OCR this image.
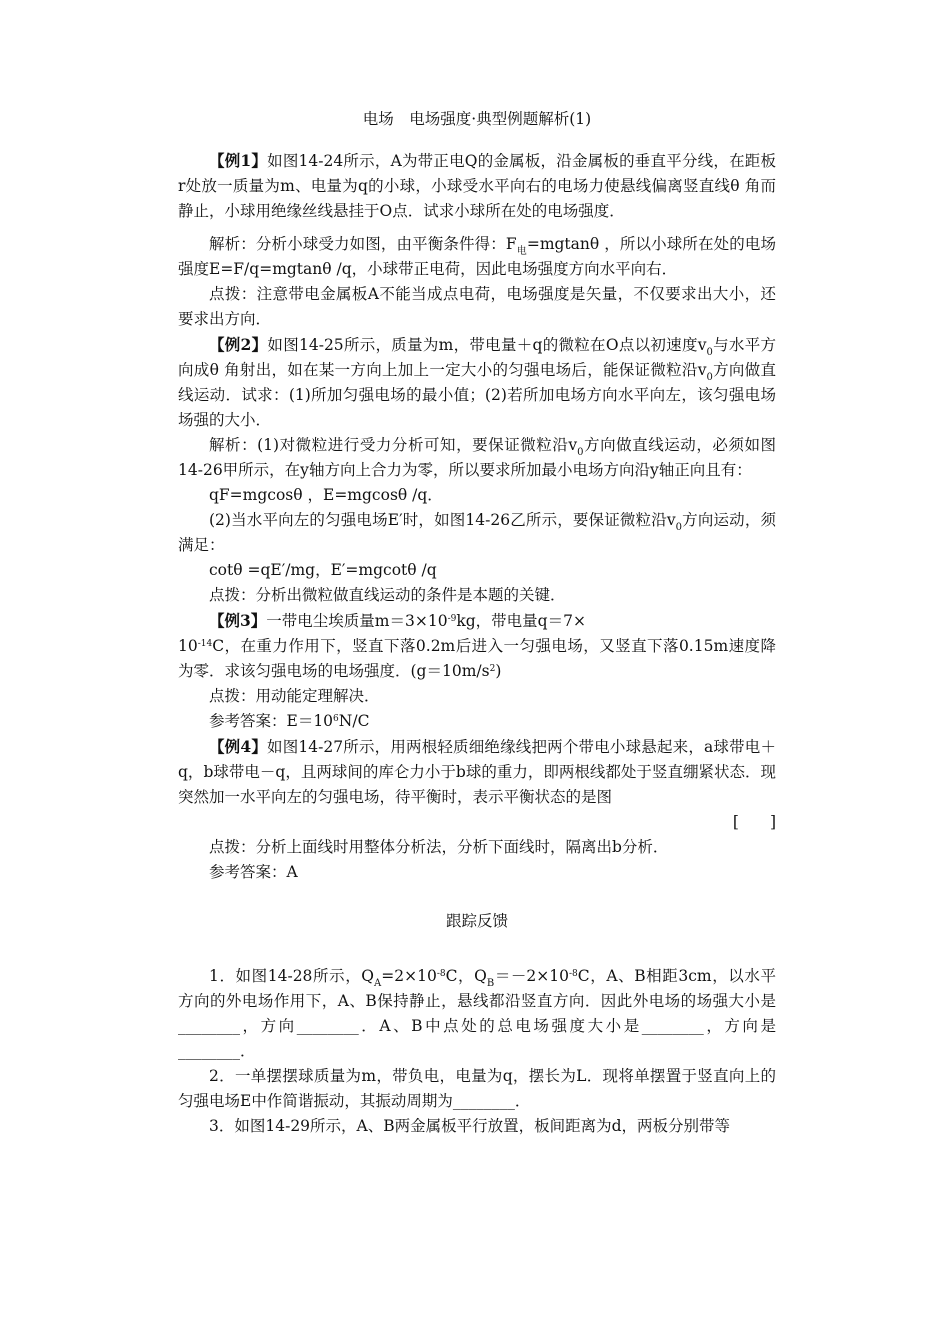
电场　电场强度·典型例题解析(1)

【例1】如图14-24所示，A为带正电Q的金属板，沿金属板的垂直平分线，在距板r处放一质量为m、电量为q的小球，小球受水平向右的电场力使悬线偏离竖直线θ 角而静止，小球用绝缘丝线悬挂于O点．试求小球所在处的电场强度．

解析：分析小球受力如图，由平衡条件得：$F_电=mgtan\theta$ ，所以小球所在处的电场强度E=F/q=mgtanθ /q，小球带正电荷，因此电场强度方向水平向右．

点拨：注意带电金属板A不能当成点电荷，电场强度是矢量，不仅要求出大小，还要求出方向．

【例2】如图14-25所示，质量为m，带电量＋q的微粒在O点以初速度$v_0$与水平方向成θ 角射出，如在某一方向上加上一定大小的匀强电场后，能保证微粒沿$v_0$方向做直线运动．试求：(1)所加匀强电场的最小值；(2)若所加电场方向水平向左，该匀强电场场强的大小．

解析：(1)对微粒进行受力分析可知，要保证微粒沿$v_0$方向做直线运动，必须如图14-26甲所示，在y轴方向上合力为零，所以要求所加最小电场方向沿y轴正向且有：

qF=mgcosθ ，E=mgcosθ /q．

(2)当水平向左的匀强电场E′时，如图14-26乙所示，要保证微粒沿$v_0$方向运动，须满足：

cotθ =qE′/mg，E′=mgcotθ /q

点拨：分析出微粒做直线运动的条件是本题的关键．

【例3】一带电尘埃质量$m=3\times 10^{-9}kg$，带电量q＝7×

$10^{-14}C$，在重力作用下，竖直下落0.2m后进入一匀强电场，又竖直下落0.15m速度降为零．求该匀强电场的电场强度．$(g=10m/s^2)$

点拨：用动能定理解决．

参考答案：$E=10^6N/C$

【例4】如图14-27所示，用两根轻质细绝缘线把两个带电小球悬起来，a球带电＋q，b球带电－q，且两球间的库仑力小于b球的重力，即两根线都处于竖直绷紧状态．现突然加一水平向左的匀强电场，待平衡时，表示平衡状态的是图

[　　]

点拨：分析上面线时用整体分析法，分析下面线时，隔离出b分析．

参考答案：A

跟踪反馈

1．如图14-28所示，$Q_A=2\times 10^{-8}C$，$Q_B=-2\times 10^{-8}C$，A、B相距3cm，以水平方向的外电场作用下，A、B保持静止，悬线都沿竖直方向．因此外电场的场强大小是________，方向________．A、B中点处的总电场强度大小是________，方向是________．

2．一单摆摆球质量为m，带负电，电量为q，摆长为L．现将单摆置于竖直向上的匀强电场E中作简谐振动，其振动周期为________．

3．如图14-29所示，A、B两金属板平行放置，板间距离为d，两板分别带等
